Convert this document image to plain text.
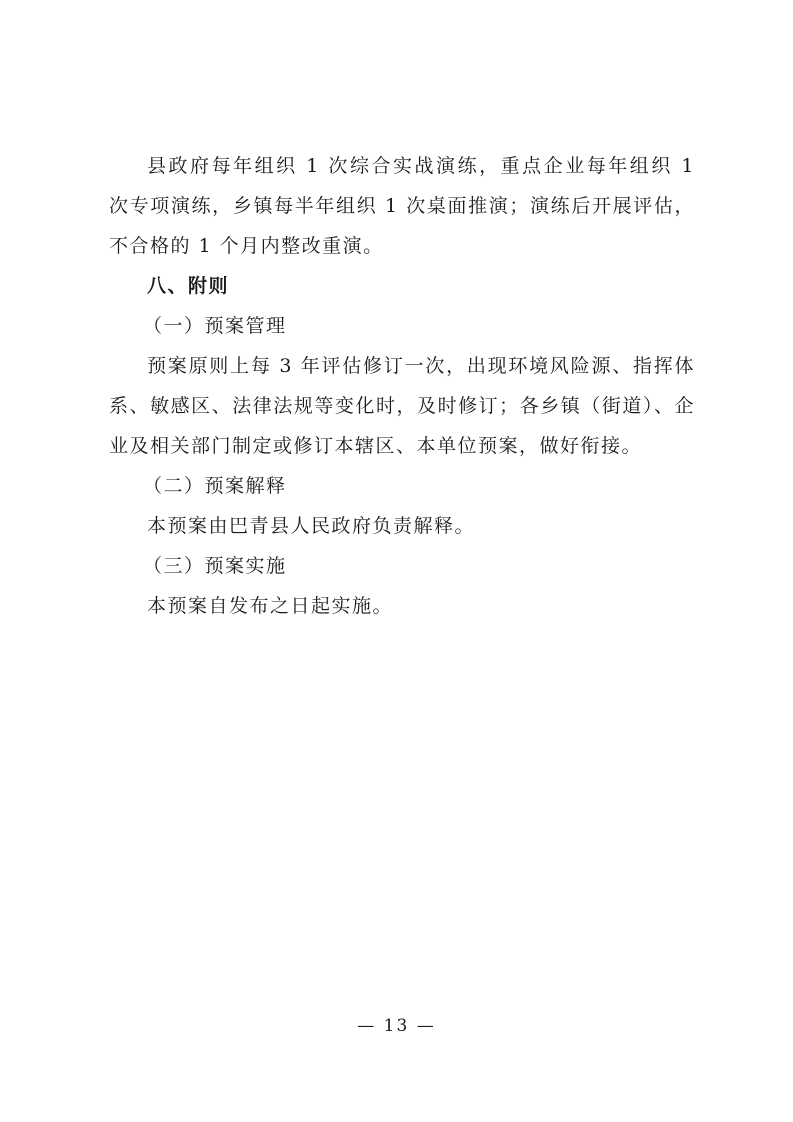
县政府每年组织 1 次综合实战演练，重点企业每年组织 1 次专项演练，乡镇每半年组织 1 次桌面推演；演练后开展评估，不合格的 1 个月内整改重演。

八、附则

（一）预案管理

预案原则上每 3 年评估修订一次，出现环境风险源、指挥体系、敏感区、法律法规等变化时，及时修订；各乡镇（街道）、企业及相关部门制定或修订本辖区、本单位预案，做好衔接。

（二）预案解释

本预案由巴青县人民政府负责解释。

（三）预案实施

本预案自发布之日起实施。

— 13 —
